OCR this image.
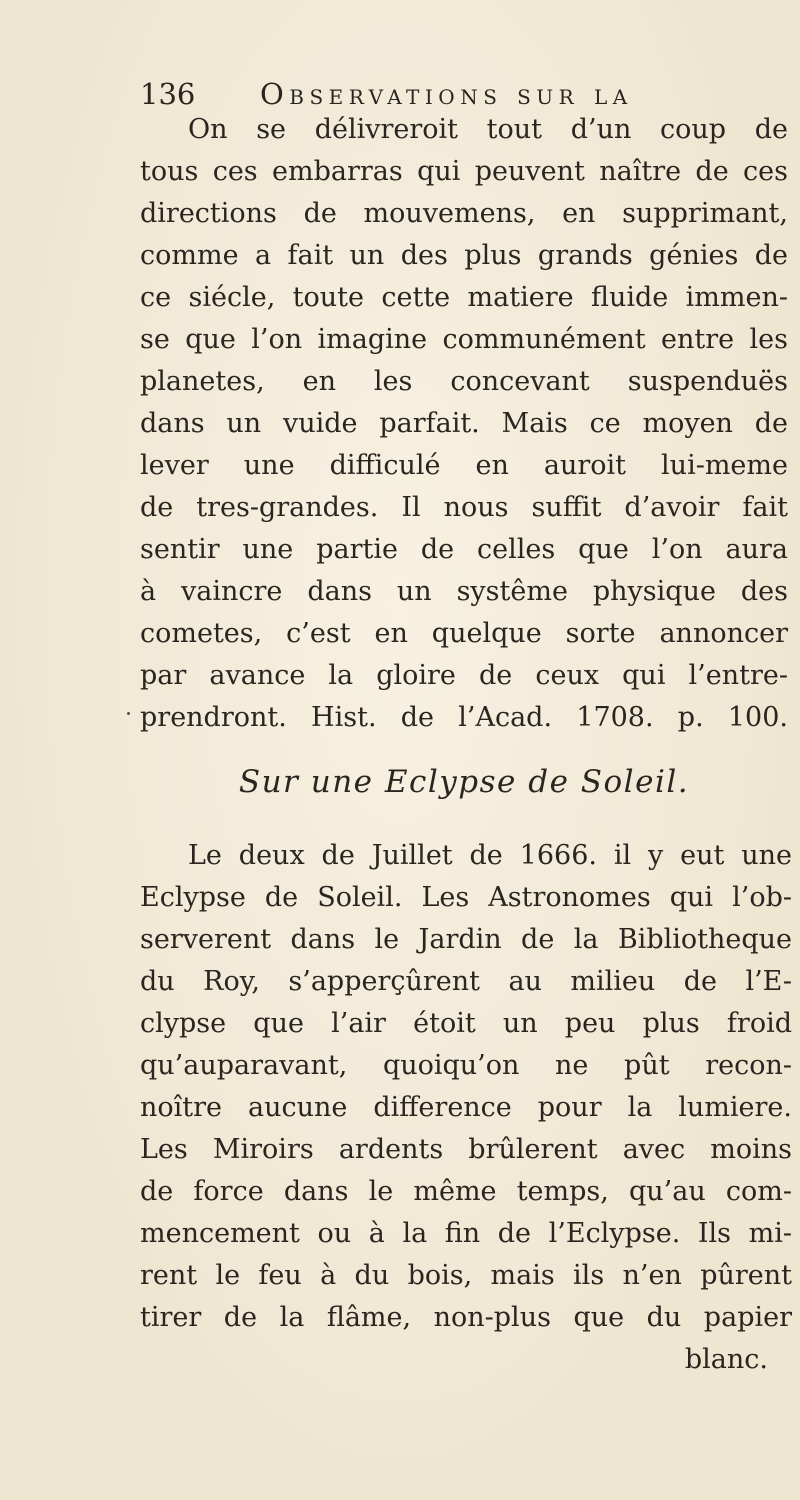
136 Observations sur la
On se délivreroit tout d’un coup de
tous ces embarras qui peuvent naître de ces
directions de mouvemens, en supprimant,
comme a fait un des plus grands génies de
ce siécle, toute cette matiere fluide immen-
se que l’on imagine communément entre les
planetes, en les concevant suspenduës
dans un vuide parfait. Mais ce moyen de
lever une difficulé en auroit lui-meme
de tres-grandes. Il nous suffit d’avoir fait
sentir une partie de celles que l’on aura
à vaincre dans un systême physique des
cometes, c’est en quelque sorte annoncer
par avance la gloire de ceux qui l’entre-
prendront. Hist. de l’Acad. 1708. p. 100.
Sur une Eclypse de Soleil.
Le deux de Juillet de 1666. il y eut une
Eclypse de Soleil. Les Astronomes qui l’ob-
serverent dans le Jardin de la Bibliotheque
du Roy, s’apperçûrent au milieu de l’E-
clypse que l’air étoit un peu plus froid
qu’auparavant, quoiqu’on ne pût recon-
noître aucune difference pour la lumiere.
Les Miroirs ardents brûlerent avec moins
de force dans le même temps, qu’au com-
mencement ou à la fin de l’Eclypse. Ils mi-
rent le feu à du bois, mais ils n’en pûrent
tirer de la flâme, non-plus que du papier
blanc.
